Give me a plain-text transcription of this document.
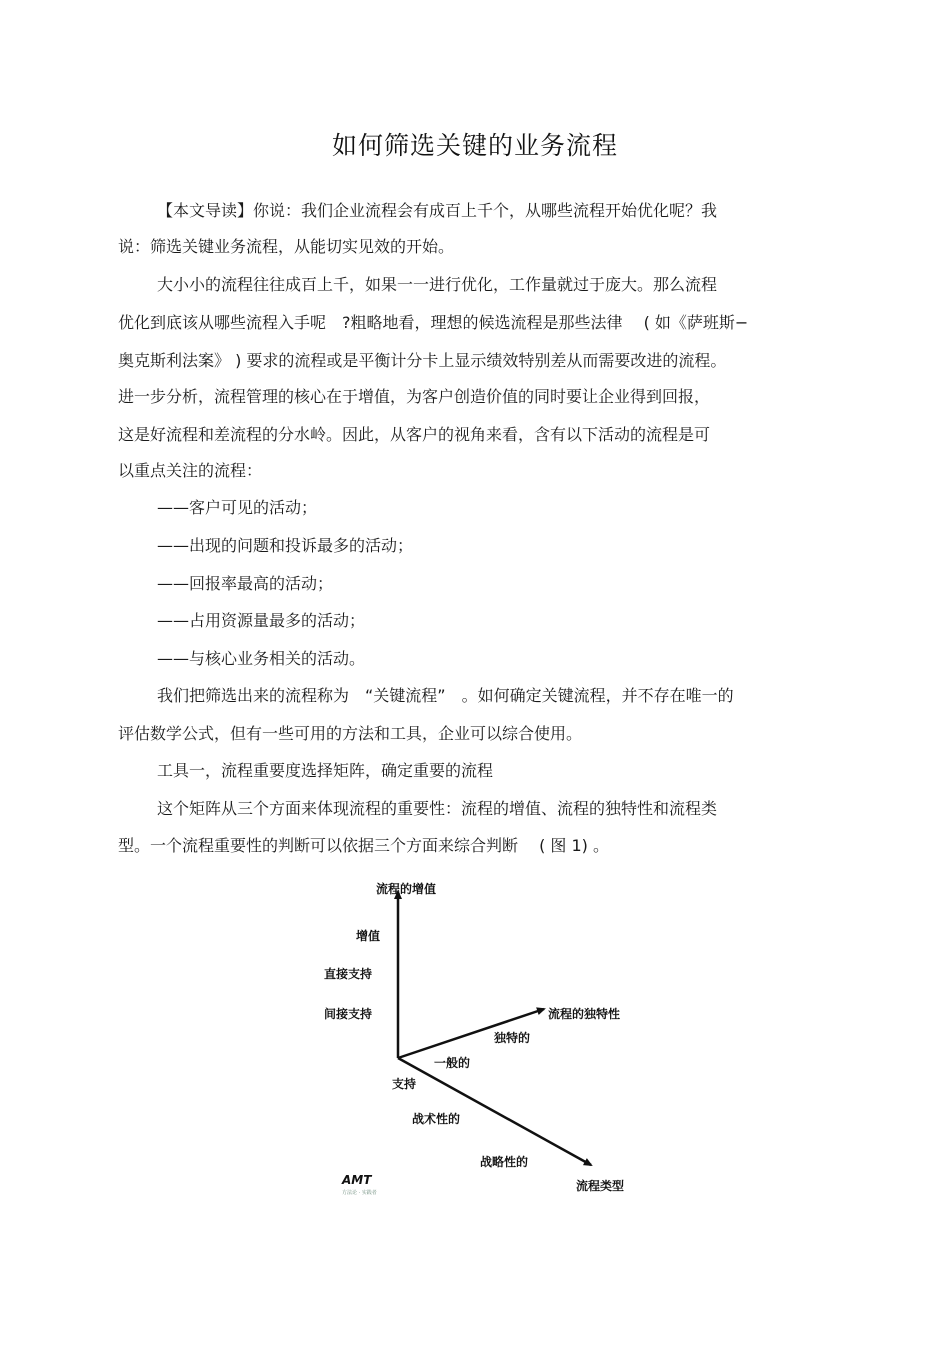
如何筛选关键的业务流程
【本文导读】你说：我们企业流程会有成百上千个，从哪些流程开始优化呢？我
说：筛选关键业务流程，从能切实见效的开始。
大小小的流程往往成百上千，如果一一进行优化，工作量就过于庞大。那么流程
优化到底该从哪些流程入手呢　?粗略地看，理想的候选流程是那些法律　 ( 如《萨班斯−
奥克斯利法案》 ) 要求的流程或是平衡计分卡上显示绩效特别差从而需要改进的流程。
进一步分析，流程管理的核心在于增值，为客户创造价值的同时要让企业得到回报，
这是好流程和差流程的分水岭。因此，从客户的视角来看，含有以下活动的流程是可
以重点关注的流程：
——客户可见的活动；
——出现的问题和投诉最多的活动；
——回报率最高的活动；
——占用资源量最多的活动；
——与核心业务相关的活动。
我们把筛选出来的流程称为　“关键流程”　。如何确定关键流程，并不存在唯一的
评估数学公式，但有一些可用的方法和工具，企业可以综合使用。
工具一，流程重要度选择矩阵，确定重要的流程
这个矩阵从三个方面来体现流程的重要性：流程的增值、流程的独特性和流程类
型。一个流程重要性的判断可以依据三个方面来综合判断　 ( 图 1) 。
流程的增值
增值
直接支持
间接支持	流程的独特性
独特的
一般的
支持
战术性的
战略性的
流程类型
AMT
方法论 · 实践者
